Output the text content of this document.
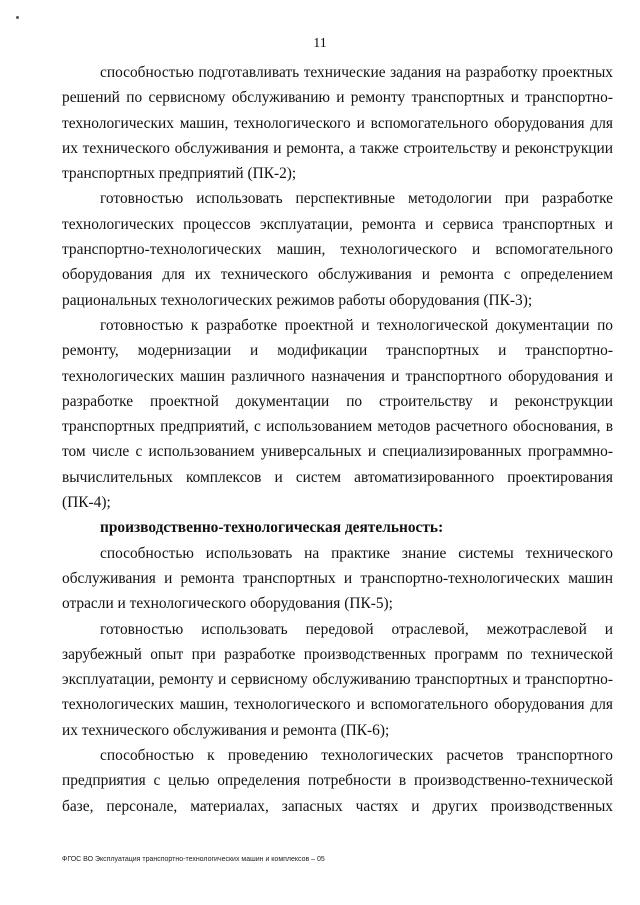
11

способностью подготавливать технические задания на разработку проектных решений по сервисному обслуживанию и ремонту транспортных и транспортно-технологических машин, технологического и вспомогательного оборудования для их технического обслуживания и ремонта, а также строительству и реконструкции транспортных предприятий (ПК-2);

готовностью использовать перспективные методологии при разработке технологических процессов эксплуатации, ремонта и сервиса транспортных и транспортно-технологических машин, технологического и вспомогательного оборудования для их технического обслуживания и ремонта с определением рациональных технологических режимов работы оборудования (ПК-3);

готовностью к разработке проектной и технологической документации по ремонту, модернизации и модификации транспортных и транспортно-технологических машин различного назначения и транспортного оборудования и разработке проектной документации по строительству и реконструкции транспортных предприятий, с использованием методов расчетного обоснования, в том числе с использованием универсальных и специализированных программно-вычислительных комплексов и систем автоматизированного проектирования (ПК-4);

производственно-технологическая деятельность:

способностью использовать на практике знание системы технического обслуживания и ремонта транспортных и транспортно-технологических машин отрасли и технологического оборудования (ПК-5);

готовностью использовать передовой отраслевой, межотраслевой и зарубежный опыт при разработке производственных программ по технической эксплуатации, ремонту и сервисному обслуживанию транспортных и транспортно-технологических машин, технологического и вспомогательного оборудования для их технического обслуживания и ремонта (ПК-6);

способностью к проведению технологических расчетов транспортного предприятия с целью определения потребности в производственно-технической базе, персонале, материалах, запасных частях и других производственных

ФГОС ВО Эксплуатация транспортно-технологических машин и комплексов – 05
